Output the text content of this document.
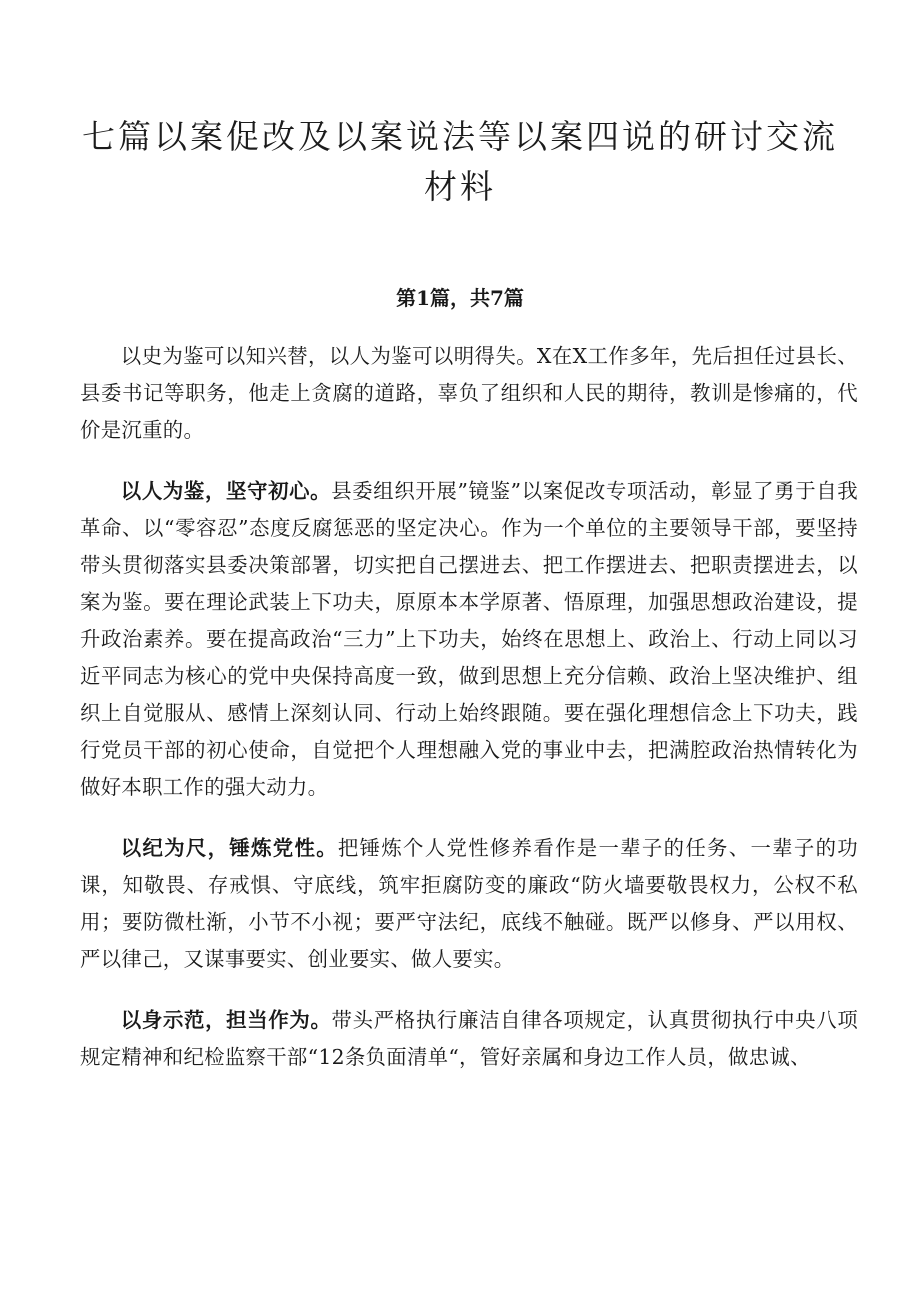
七篇以案促改及以案说法等以案四说的研讨交流材料
第1篇，共7篇

以史为鉴可以知兴替，以人为鉴可以明得失。X在X工作多年，先后担任过县长、县委书记等职务，他走上贪腐的道路，辜负了组织和人民的期待，教训是惨痛的，代价是沉重的。

以人为鉴，坚守初心。县委组织开展”镜鉴”以案促改专项活动，彰显了勇于自我革命、以“零容忍”态度反腐惩恶的坚定决心。作为一个单位的主要领导干部，要坚持带头贯彻落实县委决策部署，切实把自己摆进去、把工作摆进去、把职责摆进去，以案为鉴。要在理论武装上下功夫，原原本本学原著、悟原理，加强思想政治建设，提升政治素养。要在提高政治“三力”上下功夫，始终在思想上、政治上、行动上同以习近平同志为核心的党中央保持高度一致，做到思想上充分信赖、政治上坚决维护、组织上自觉服从、感情上深刻认同、行动上始终跟随。要在强化理想信念上下功夫，践行党员干部的初心使命，自觉把个人理想融入党的事业中去，把满腔政治热情转化为做好本职工作的强大动力。

以纪为尺，锤炼党性。把锤炼个人党性修养看作是一辈子的任务、一辈子的功课，知敬畏、存戒惧、守底线，筑牢拒腐防变的廉政“防火墙要敬畏权力，公权不私用；要防微杜渐，小节不小视；要严守法纪，底线不触碰。既严以修身、严以用权、严以律己，又谋事要实、创业要实、做人要实。

以身示范，担当作为。带头严格执行廉洁自律各项规定，认真贯彻执行中央八项规定精神和纪检监察干部“12条负面清单“，管好亲属和身边工作人员，做忠诚、
